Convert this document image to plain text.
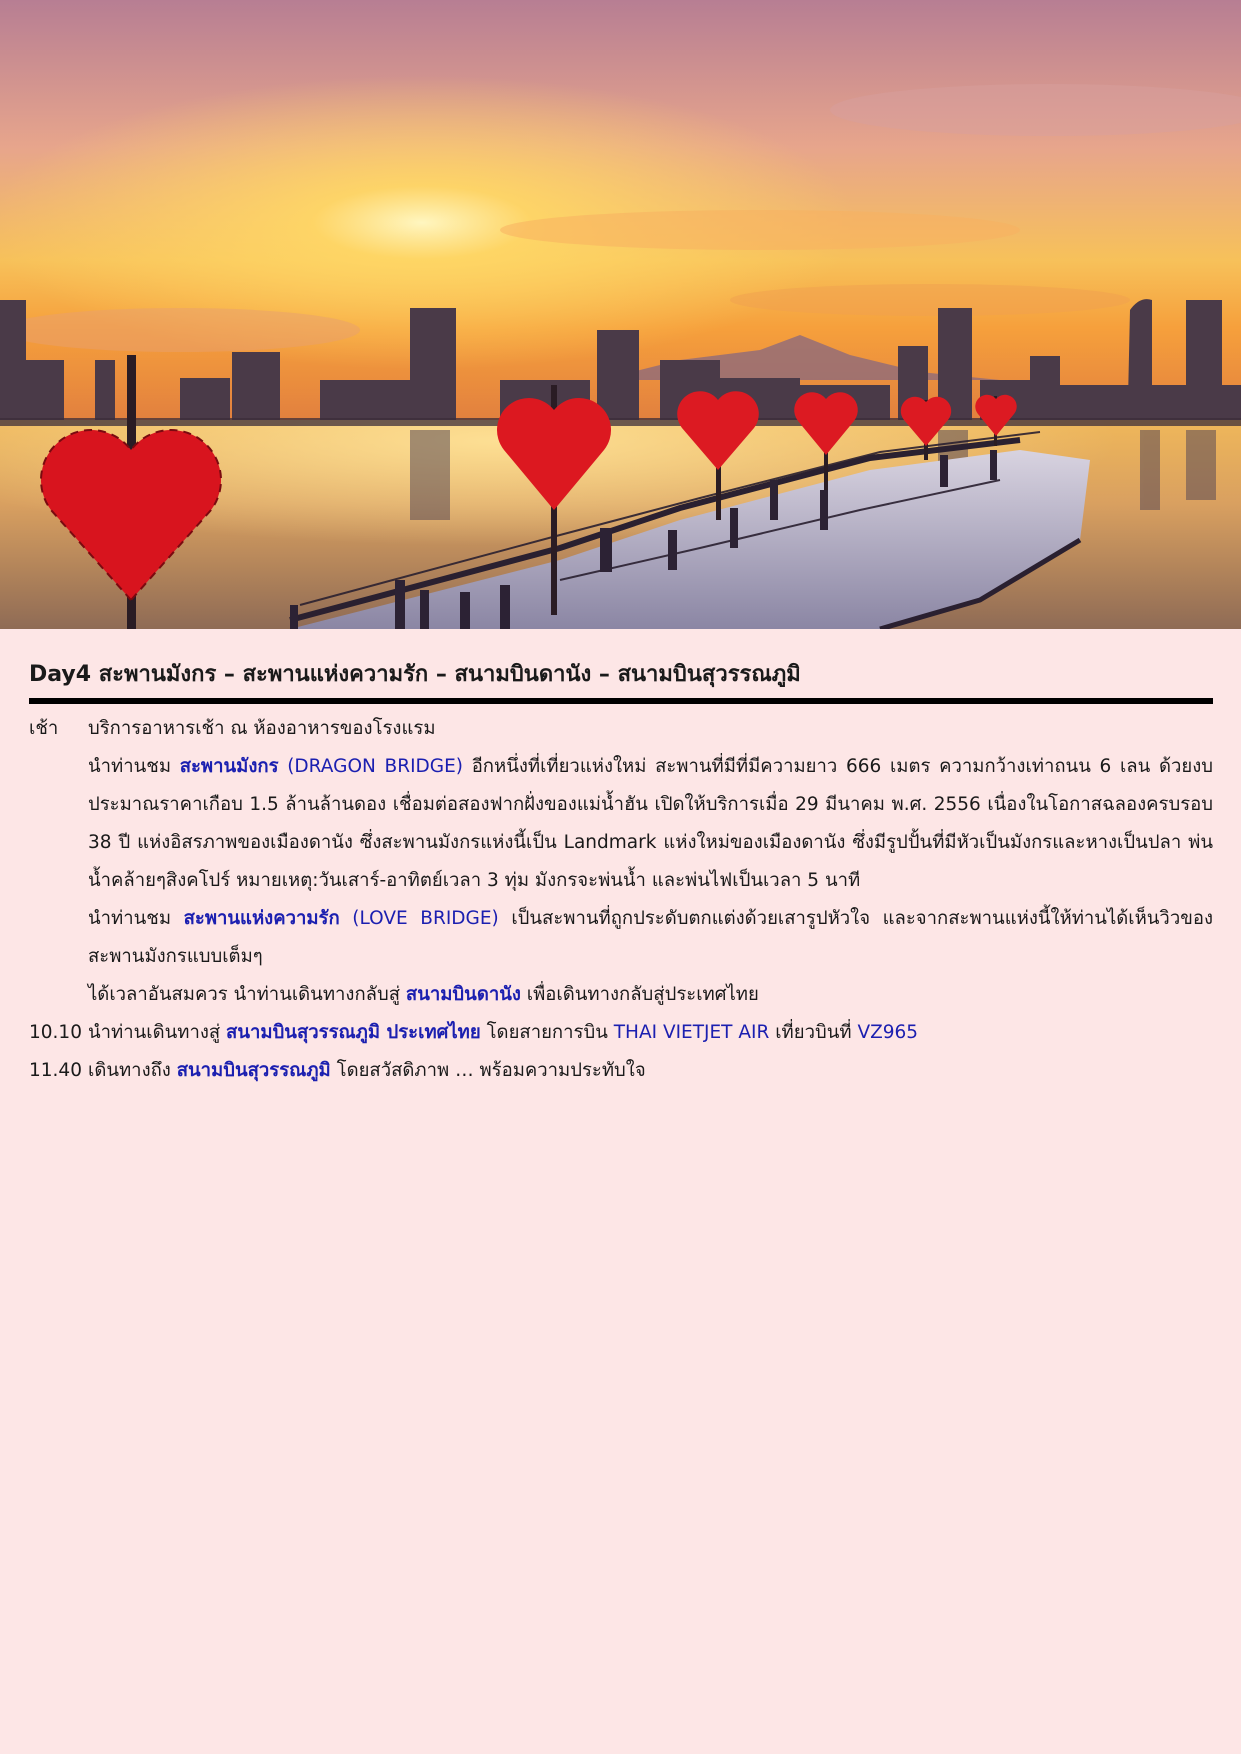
Day4 สะพานมังกร – สะพานแห่งความรัก – สนามบินดานัง – สนามบินสุวรรณภูมิ
เช้า	บริการอาหารเช้า ณ ห้องอาหารของโรงแรม
นำท่านชม สะพานมังกร (DRAGON BRIDGE) อีกหนึ่งที่เที่ยวแห่งใหม่ สะพานที่มีที่มีความยาว 666 เมตร ความกว้างเท่าถนน 6 เลน ด้วยงบประมาณราคาเกือบ 1.5 ล้านล้านดอง เชื่อมต่อสองฟากฝั่งของแม่น้ำฮัน เปิดให้บริการเมื่อ 29 มีนาคม พ.ศ. 2556 เนื่องในโอกาสฉลองครบรอบ 38 ปี แห่งอิสรภาพของเมืองดานัง ซึ่งสะพานมังกรแห่งนี้เป็น Landmark แห่งใหม่ของเมืองดานัง ซึ่งมีรูปปั้นที่มีหัวเป็นมังกรและหางเป็นปลา พ่นน้ำคล้ายๆสิงคโปร์ หมายเหตุ:วันเสาร์-อาทิตย์เวลา 3 ทุ่ม มังกรจะพ่นน้ำ และพ่นไฟเป็นเวลา 5 นาที
นำท่านชม สะพานแห่งความรัก (LOVE BRIDGE) เป็นสะพานที่ถูกประดับตกแต่งด้วยเสารูปหัวใจ และจากสะพานแห่งนี้ให้ท่านได้เห็นวิวของสะพานมังกรแบบเต็มๆ
ได้เวลาอันสมควร นำท่านเดินทางกลับสู่ สนามบินดานัง เพื่อเดินทางกลับสู่ประเทศไทย
10.10 นำท่านเดินทางสู่ สนามบินสุวรรณภูมิ ประเทศไทย โดยสายการบิน THAI VIETJET AIR เที่ยวบินที่ VZ965
11.40 เดินทางถึง สนามบินสุวรรณภูมิ โดยสวัสดิภาพ … พร้อมความประทับใจ
